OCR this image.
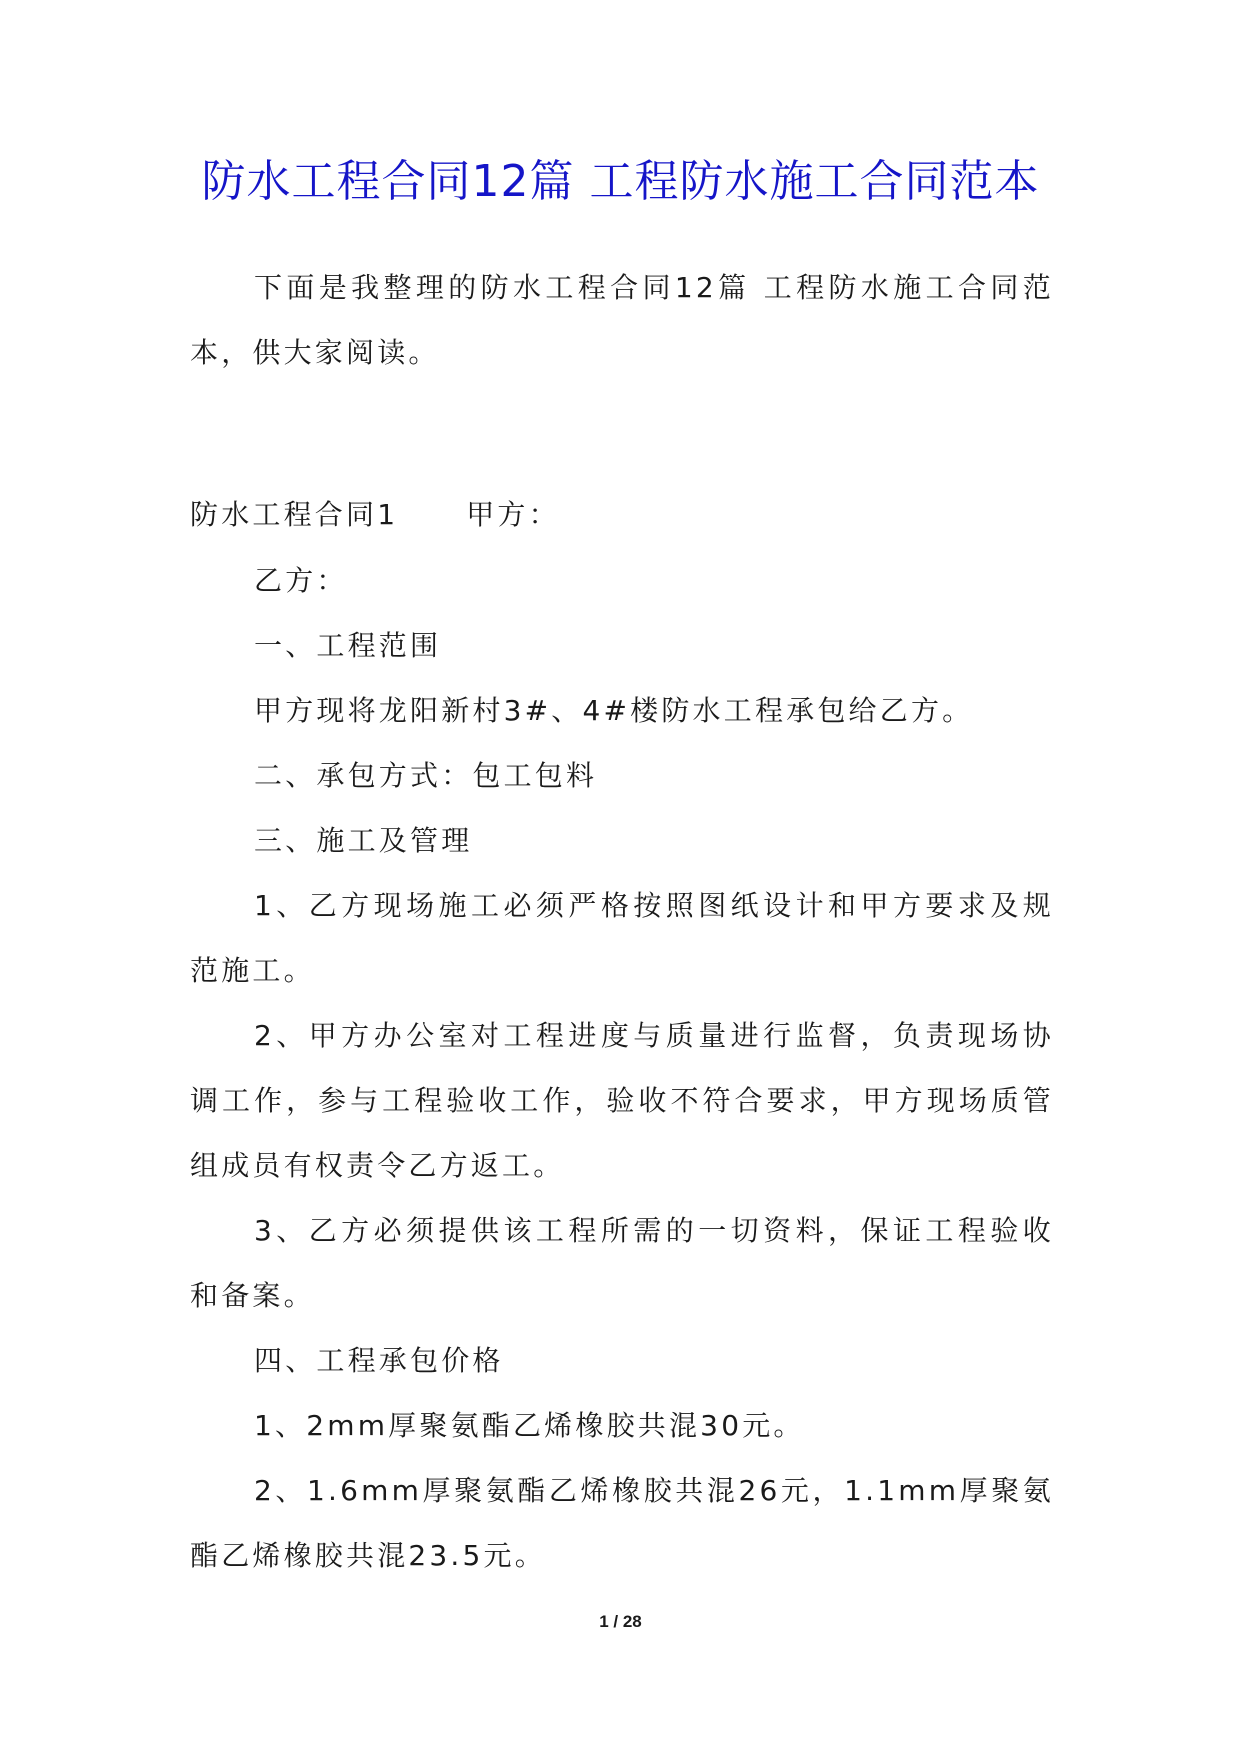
防水工程合同12篇 工程防水施工合同范本

下面是我整理的防水工程合同12篇 工程防水施工合同范本，供大家阅读。

防水工程合同1 甲方：

乙方：

一、工程范围

甲方现将龙阳新村3#、4#楼防水工程承包给乙方。

二、承包方式：包工包料

三、施工及管理

1、乙方现场施工必须严格按照图纸设计和甲方要求及规范施工。

2、甲方办公室对工程进度与质量进行监督，负责现场协调工作，参与工程验收工作，验收不符合要求，甲方现场质管组成员有权责令乙方返工。

3、乙方必须提供该工程所需的一切资料，保证工程验收和备案。

四、工程承包价格

1、2mm厚聚氨酯乙烯橡胶共混30元。

2、1.6mm厚聚氨酯乙烯橡胶共混26元，1.1mm厚聚氨酯乙烯橡胶共混23.5元。

1 / 28
